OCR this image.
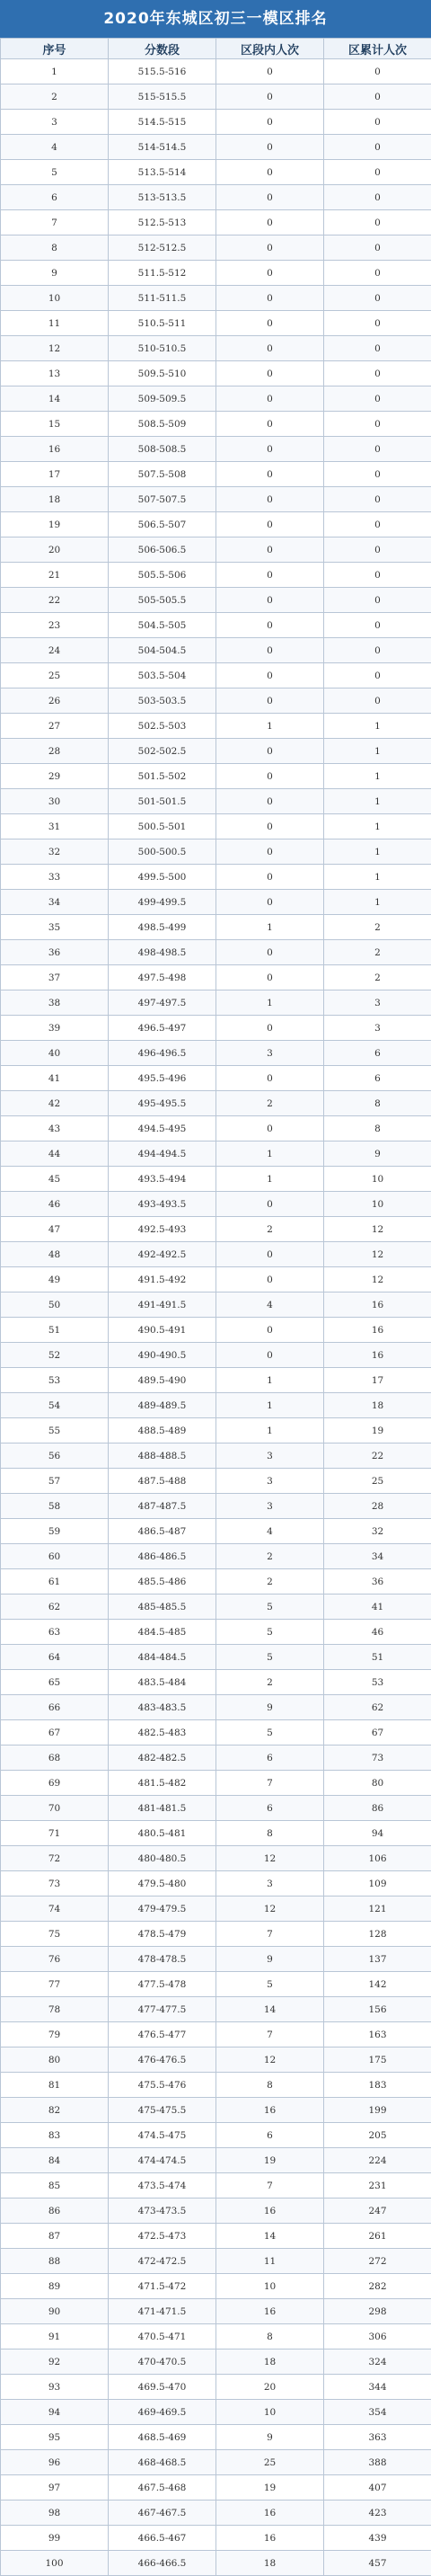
2020年东城区初三一模区排名
序号	分数段	区段内人次	区累计人次
1	515.5-516	0	0
2	515-515.5	0	0
3	514.5-515	0	0
4	514-514.5	0	0
5	513.5-514	0	0
6	513-513.5	0	0
7	512.5-513	0	0
8	512-512.5	0	0
9	511.5-512	0	0
10	511-511.5	0	0
11	510.5-511	0	0
12	510-510.5	0	0
13	509.5-510	0	0
14	509-509.5	0	0
15	508.5-509	0	0
16	508-508.5	0	0
17	507.5-508	0	0
18	507-507.5	0	0
19	506.5-507	0	0
20	506-506.5	0	0
21	505.5-506	0	0
22	505-505.5	0	0
23	504.5-505	0	0
24	504-504.5	0	0
25	503.5-504	0	0
26	503-503.5	0	0
27	502.5-503	1	1
28	502-502.5	0	1
29	501.5-502	0	1
30	501-501.5	0	1
31	500.5-501	0	1
32	500-500.5	0	1
33	499.5-500	0	1
34	499-499.5	0	1
35	498.5-499	1	2
36	498-498.5	0	2
37	497.5-498	0	2
38	497-497.5	1	3
39	496.5-497	0	3
40	496-496.5	3	6
41	495.5-496	0	6
42	495-495.5	2	8
43	494.5-495	0	8
44	494-494.5	1	9
45	493.5-494	1	10
46	493-493.5	0	10
47	492.5-493	2	12
48	492-492.5	0	12
49	491.5-492	0	12
50	491-491.5	4	16
51	490.5-491	0	16
52	490-490.5	0	16
53	489.5-490	1	17
54	489-489.5	1	18
55	488.5-489	1	19
56	488-488.5	3	22
57	487.5-488	3	25
58	487-487.5	3	28
59	486.5-487	4	32
60	486-486.5	2	34
61	485.5-486	2	36
62	485-485.5	5	41
63	484.5-485	5	46
64	484-484.5	5	51
65	483.5-484	2	53
66	483-483.5	9	62
67	482.5-483	5	67
68	482-482.5	6	73
69	481.5-482	7	80
70	481-481.5	6	86
71	480.5-481	8	94
72	480-480.5	12	106
73	479.5-480	3	109
74	479-479.5	12	121
75	478.5-479	7	128
76	478-478.5	9	137
77	477.5-478	5	142
78	477-477.5	14	156
79	476.5-477	7	163
80	476-476.5	12	175
81	475.5-476	8	183
82	475-475.5	16	199
83	474.5-475	6	205
84	474-474.5	19	224
85	473.5-474	7	231
86	473-473.5	16	247
87	472.5-473	14	261
88	472-472.5	11	272
89	471.5-472	10	282
90	471-471.5	16	298
91	470.5-471	8	306
92	470-470.5	18	324
93	469.5-470	20	344
94	469-469.5	10	354
95	468.5-469	9	363
96	468-468.5	25	388
97	467.5-468	19	407
98	467-467.5	16	423
99	466.5-467	16	439
100	466-466.5	18	457
